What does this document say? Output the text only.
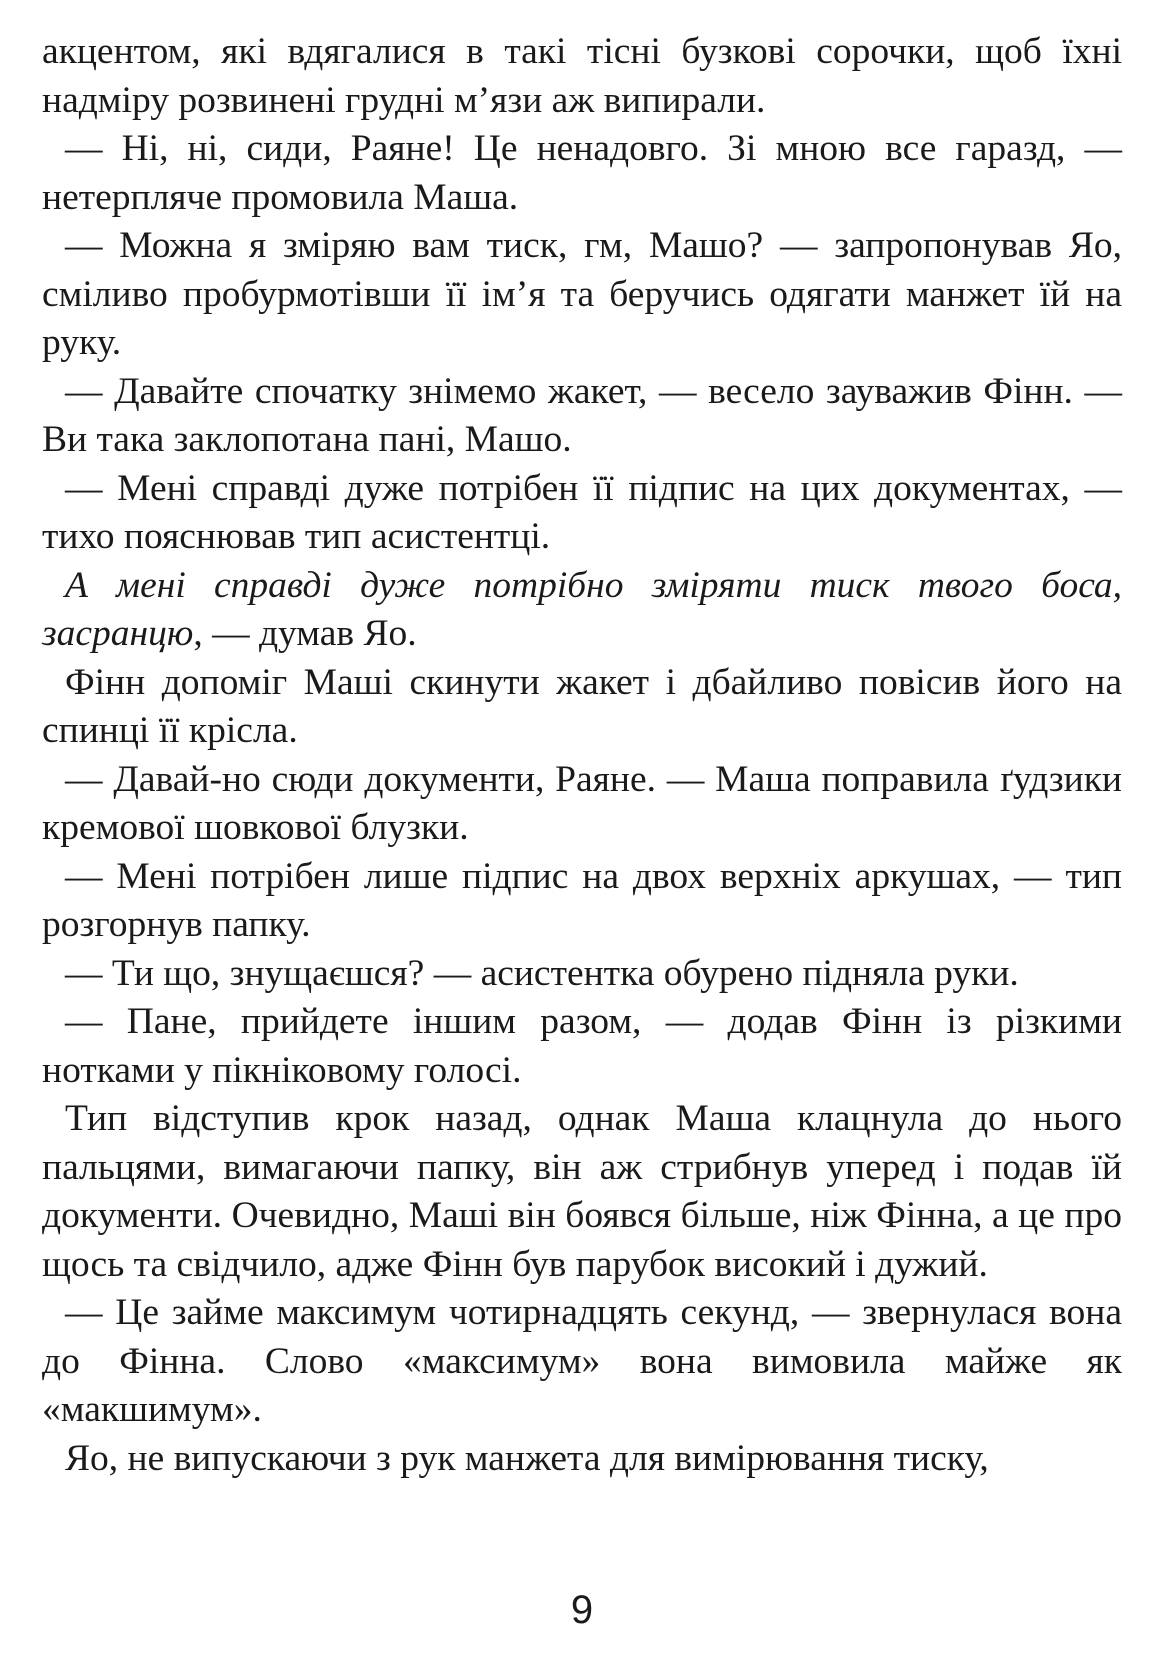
акцентом, які вдягалися в такі тісні бузкові сорочки, щоб їхні надміру розвинені грудні м’язи аж випирали.

— Ні, ні, сиди, Раяне! Це ненадовго. Зі мною все гаразд, — нетерпляче промовила Маша.

— Можна я зміряю вам тиск, гм, Машо? — запропонував Яо, сміливо пробурмотівши її ім’я та беручись одягати манжет їй на руку.

— Давайте спочатку знімемо жакет, — весело зауважив Фінн. — Ви така заклопотана пані, Машо.

— Мені справді дуже потрібен її підпис на цих документах, — тихо пояснював тип асистентці.

А мені справді дуже потрібно зміряти тиск твого боса, засранцю, — думав Яо.

Фінн допоміг Маші скинути жакет і дбайливо повісив його на спинці її крісла.

— Давай-но сюди документи, Раяне. — Маша поправила ґудзики кремової шовкової блузки.

— Мені потрібен лише підпис на двох верхніх аркушах, — тип розгорнув папку.

— Ти що, знущаєшся? — асистентка обурено підняла руки.

— Пане, прийдете іншим разом, — додав Фінн із різкими нотками у пікніковому голосі.

Тип відступив крок назад, однак Маша клацнула до нього пальцями, вимагаючи папку, він аж стрибнув уперед і подав їй документи. Очевидно, Маші він боявся більше, ніж Фінна, а це про щось та свідчило, адже Фінн був парубок високий і дужий.

— Це займе максимум чотирнадцять секунд, — звернулася вона до Фінна. Слово «максимум» вона вимовила майже як «макшимум».

Яо, не випускаючи з рук манжета для вимірювання тиску,

9
